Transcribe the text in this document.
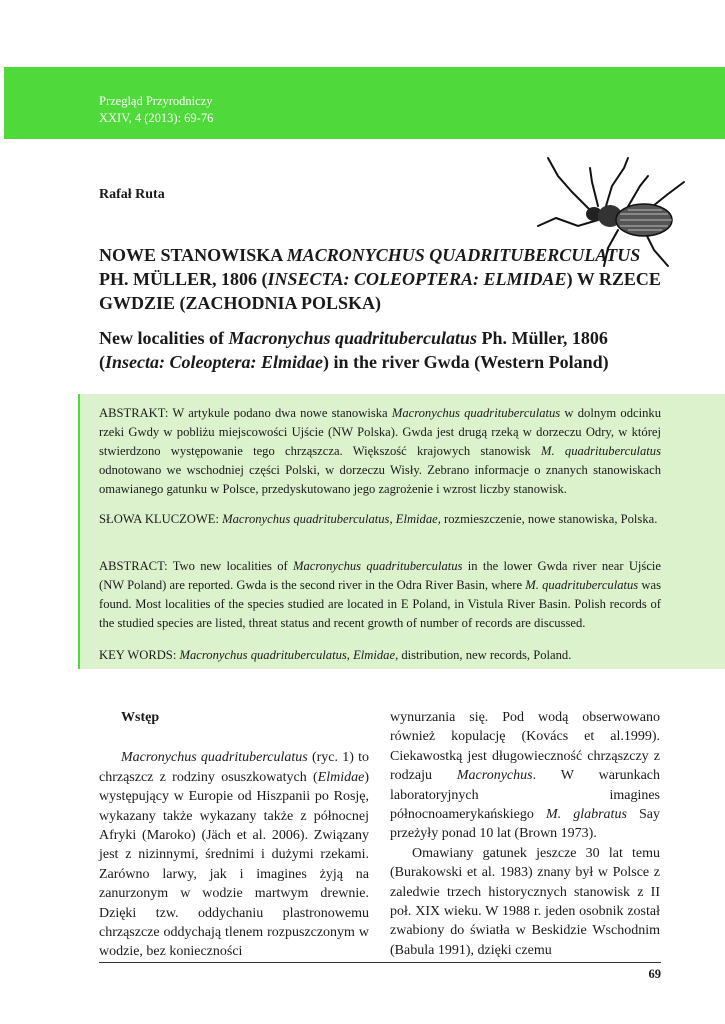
Przegląd Przyrodniczy
XXIV, 4 (2013): 69-76
Rafał Ruta
NOWE STANOWISKA MACRONYCHUS QUADRITUBERCULATUS PH. MÜLLER, 1806 (INSECTA: COLEOPTERA: ELMIDAE) W RZECE GWDZIE (ZACHODNIA POLSKA)
New localities of Macronychus quadrituberculatus Ph. Müller, 1806 (Insecta: Coleoptera: Elmidae) in the river Gwda (Western Poland)

ABSTRAKT: W artykule podano dwa nowe stanowiska Macronychus quadrituberculatus w dolnym odcinku rzeki Gwdy w pobliżu miejscowości Ujście (NW Polska). Gwda jest drugą rzeką w dorzeczu Odry, w której stwierdzono występowanie tego chrząszcza. Większość krajowych stanowisk M. quadrituberculatus odnotowano we wschodniej części Polski, w dorzeczu Wisły. Zebrano informacje o znanych stanowiskach omawianego gatunku w Polsce, przedyskutowano jego zagrożenie i wzrost liczby stanowisk.

SŁOWA KLUCZOWE: Macronychus quadrituberculatus, Elmidae, rozmieszczenie, nowe stanowiska, Polska.

ABSTRACT: Two new localities of Macronychus quadrituberculatus in the lower Gwda river near Ujście (NW Poland) are reported. Gwda is the second river in the Odra River Basin, where M. quadrituberculatus was found. Most localities of the species studied are located in E Poland, in Vistula River Basin. Polish records of the studied species are listed, threat status and recent growth of number of records are discussed.

KEY WORDS: Macronychus quadrituberculatus, Elmidae, distribution, new records, Poland.

Wstęp

Macronychus quadrituberculatus (ryc. 1) to chrząszcz z rodziny osuszkowatych (Elmidae) występujący w Europie od Hiszpanii po Rosję, wykazany także wykazany także z północnej Afryki (Maroko) (Jäch et al. 2006). Związany jest z nizinnymi, średnimi i dużymi rzekami. Zarówno larwy, jak i imagines żyją na zanurzonym w wodzie martwym drewnie. Dzięki tzw. oddychaniu plastronowemu chrząszcze oddychają tlenem rozpuszczonym w wodzie, bez konieczności

wynurzania się. Pod wodą obserwowano również kopulację (Kovács et al.1999). Ciekawostką jest długowieczność chrząszczy z rodzaju Macronychus. W warunkach laboratoryjnych imagines północnoamerykańskiego M. glabratus Say przeżyły ponad 10 lat (Brown 1973).

Omawiany gatunek jeszcze 30 lat temu (Burakowski et al. 1983) znany był w Polsce z zaledwie trzech historycznych stanowisk z II poł. XIX wieku. W 1988 r. jeden osobnik został zwabiony do światła w Beskidzie Wschodnim (Babula 1991), dzięki czemu

69
